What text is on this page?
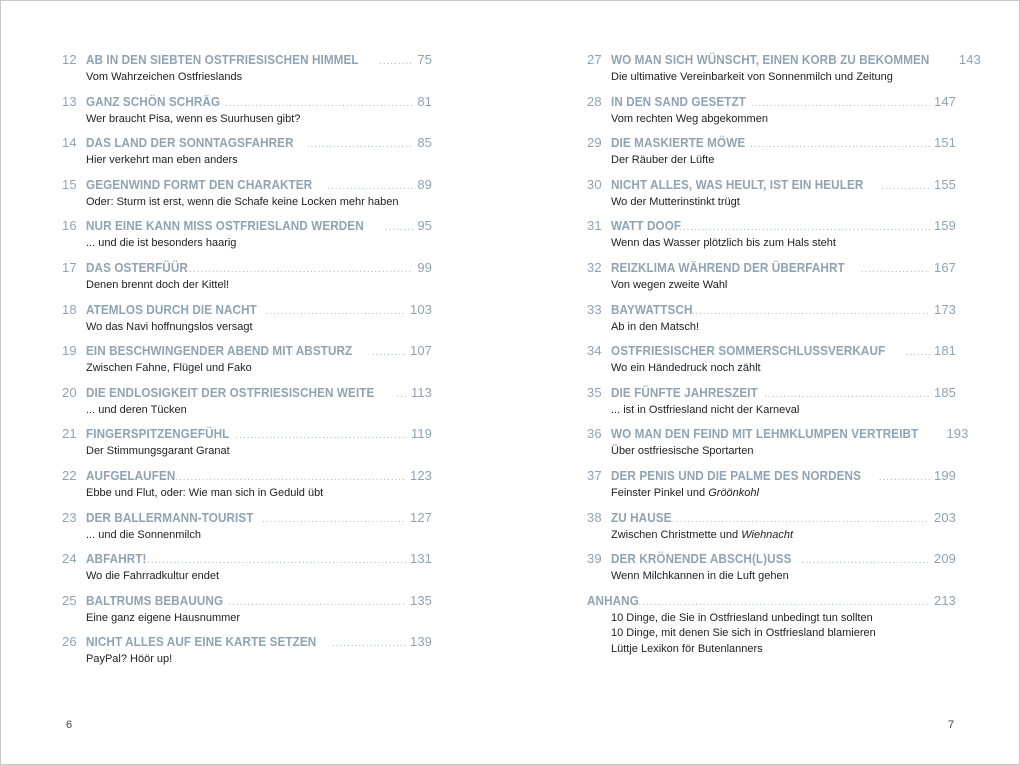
12 AB IN DEN SIEBTEN OSTFRIESISCHEN HIMMEL .....	75
Vom Wahrzeichen Ostfrieslands
13 GANZ SCHÖN SCHRÄG .....	81
Wer braucht Pisa, wenn es Suurhusen gibt?
14 DAS LAND DER SONNTAGSFAHRER .....	85
Hier verkehrt man eben anders
15 GEGENWIND FORMT DEN CHARAKTER .....	89
Oder: Sturm ist erst, wenn die Schafe keine Locken mehr haben
16 NUR EINE KANN MISS OSTFRIESLAND WERDEN .....	95
... und die ist besonders haarig
17 DAS OSTERFÜÜR .....	99
Denen brennt doch der Kittel!
18 ATEMLOS DURCH DIE NACHT .....	103
Wo das Navi hoffnungslos versagt
19 EIN BESCHWINGENDER ABEND MIT ABSTURZ .....	107
Zwischen Fahne, Flügel und Fako
20 DIE ENDLOSIGKEIT DER OSTFRIESISCHEN WEITE .....	113
... und deren Tücken
21 FINGERSPITZENGEFÜHL .....	119
Der Stimmungsgarant Granat
22 AUFGELAUFEN .....	123
Ebbe und Flut, oder: Wie man sich in Geduld übt
23 DER BALLERMANN-TOURIST .....	127
... und die Sonnenmilch
24 ABFAHRT! .....	131
Wo die Fahrradkultur endet
25 BALTRUMS BEBAUUNG .....	135
Eine ganz eigene Hausnummer
26 NICHT ALLES AUF EINE KARTE SETZEN .....	139
PayPal? Höör up!
27 WO MAN SICH WÜNSCHT, EINEN KORB ZU BEKOMMEN 143
Die ultimative Vereinbarkeit von Sonnenmilch und Zeitung
28 IN DEN SAND GESETZT .....	147
Vom rechten Weg abgekommen
29 DIE MASKIERTE MÖWE .....	151
Der Räuber der Lüfte
30 NICHT ALLES, WAS HEULT, IST EIN HEULER .....	155
Wo der Mutterinstinkt trügt
31 WATT DOOF .....	159
Wenn das Wasser plötzlich bis zum Hals steht
32 REIZKLIMA WÄHREND DER ÜBERFAHRT .....	167
Von wegen zweite Wahl
33 BAYWATTSCH .....	173
Ab in den Matsch!
34 OSTFRIESISCHER SOMMERSCHLUSSVERKAUF .....	181
Wo ein Händedruck noch zählt
35 DIE FÜNFTE JAHRESZEIT .....	185
... ist in Ostfriesland nicht der Karneval
36 WO MAN DEN FEIND MIT LEHMKLUMPEN VERTREIBT 193
Über ostfriesische Sportarten
37 DER PENIS UND DIE PALME DES NORDENS .....	199
Feinster Pinkel und Gröönkohl
38 ZU HAUSE .....	203
Zwischen Christmette und Wiehnacht
39 DER KRÖNENDE ABSCH(L)USS .....	209
Wenn Milchkannen in die Luft gehen
ANHANG .....	213
10 Dinge, die Sie in Ostfriesland unbedingt tun sollten
10 Dinge, mit denen Sie sich in Ostfriesland blamieren
Lüttje Lexikon för Butenlanners
6	7
